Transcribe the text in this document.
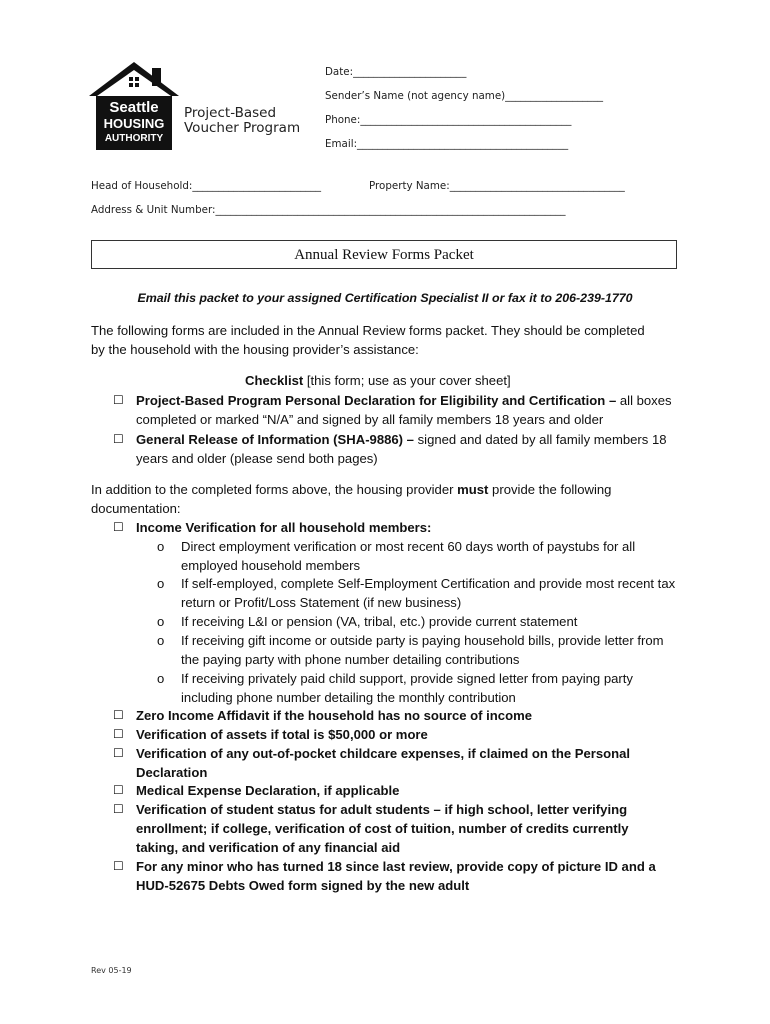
Seattle
HOUSING
AUTHORITY
Project-Based
Voucher Program
Date:______________________
Sender’s Name (not agency name)___________________
Phone:_________________________________________
Email:_________________________________________
Head of Household:_________________________	Property Name:__________________________________
Address & Unit Number:____________________________________________________________________
Annual Review Forms Packet
Email this packet to your assigned Certification Specialist II or fax it to 206-239-1770

The following forms are included in the Annual Review forms packet. They should be completed

by the household with the housing provider’s assistance:

Checklist [this form; use as your cover sheet]
☐ Project-Based Program Personal Declaration for Eligibility and Certification – all boxes completed or marked “N/A” and signed by all family members 18 years and older
☐ General Release of Information (SHA-9886) – signed and dated by all family members 18 years and older (please send both pages)

In addition to the completed forms above, the housing provider must provide the following documentation:

☐ Income Verification for all household members:
o Direct employment verification or most recent 60 days worth of paystubs for all employed household members
o If self-employed, complete Self-Employment Certification and provide most recent tax return or Profit/Loss Statement (if new business)
o If receiving L&I or pension (VA, tribal, etc.) provide current statement
o If receiving gift income or outside party is paying household bills, provide letter from the paying party with phone number detailing contributions
o If receiving privately paid child support, provide signed letter from paying party including phone number detailing the monthly contribution
☐ Zero Income Affidavit if the household has no source of income
☐ Verification of assets if total is $50,000 or more
☐ Verification of any out-of-pocket childcare expenses, if claimed on the Personal Declaration
☐ Medical Expense Declaration, if applicable
☐ Verification of student status for adult students – if high school, letter verifying enrollment; if college, verification of cost of tuition, number of credits currently taking, and verification of any financial aid
☐ For any minor who has turned 18 since last review, provide copy of picture ID and a HUD-52675 Debts Owed form signed by the new adult
Rev 05-19
